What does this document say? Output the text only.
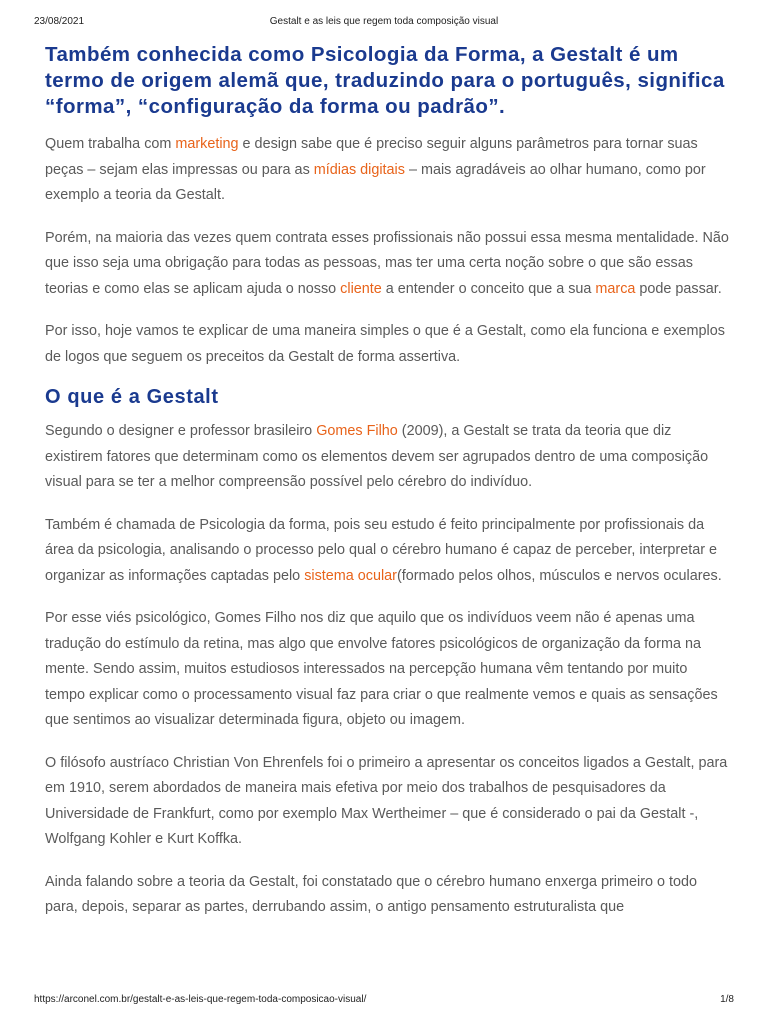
23/08/2021	Gestalt e as leis que regem toda composição visual
Também conhecida como Psicologia da Forma, a Gestalt é um termo de origem alemã que, traduzindo para o português, significa “forma”, “configuração da forma ou padrão”.

Quem trabalha com marketing e design sabe que é preciso seguir alguns parâmetros para tornar suas peças – sejam elas impressas ou para as mídias digitais – mais agradáveis ao olhar humano, como por exemplo a teoria da Gestalt.

Porém, na maioria das vezes quem contrata esses profissionais não possui essa mesma mentalidade. Não que isso seja uma obrigação para todas as pessoas, mas ter uma certa noção sobre o que são essas teorias e como elas se aplicam ajuda o nosso cliente a entender o conceito que a sua marca pode passar.

Por isso, hoje vamos te explicar de uma maneira simples o que é a Gestalt, como ela funciona e exemplos de logos que seguem os preceitos da Gestalt de forma assertiva.

O que é a Gestalt

Segundo o designer e professor brasileiro Gomes Filho (2009), a Gestalt se trata da teoria que diz existirem fatores que determinam como os elementos devem ser agrupados dentro de uma composição visual para se ter a melhor compreensão possível pelo cérebro do indivíduo.

Também é chamada de Psicologia da forma, pois seu estudo é feito principalmente por profissionais da área da psicologia, analisando o processo pelo qual o cérebro humano é capaz de perceber, interpretar e organizar as informações captadas pelo sistema ocular(formado pelos olhos, músculos e nervos oculares.

Por esse viés psicológico, Gomes Filho nos diz que aquilo que os indivíduos veem não é apenas uma tradução do estímulo da retina, mas algo que envolve fatores psicológicos de organização da forma na mente. Sendo assim, muitos estudiosos interessados na percepção humana vêm tentando por muito tempo explicar como o processamento visual faz para criar o que realmente vemos e quais as sensações que sentimos ao visualizar determinada figura, objeto ou imagem.

O filósofo austríaco Christian Von Ehrenfels foi o primeiro a apresentar os conceitos ligados a Gestalt, para em 1910, serem abordados de maneira mais efetiva por meio dos trabalhos de pesquisadores da Universidade de Frankfurt, como por exemplo Max Wertheimer – que é considerado o pai da Gestalt -, Wolfgang Kohler e Kurt Koffka.

Ainda falando sobre a teoria da Gestalt, foi constatado que o cérebro humano enxerga primeiro o todo para, depois, separar as partes, derrubando assim, o antigo pensamento estruturalista que

https://arconel.com.br/gestalt-e-as-leis-que-regem-toda-composicao-visual/	1/8
